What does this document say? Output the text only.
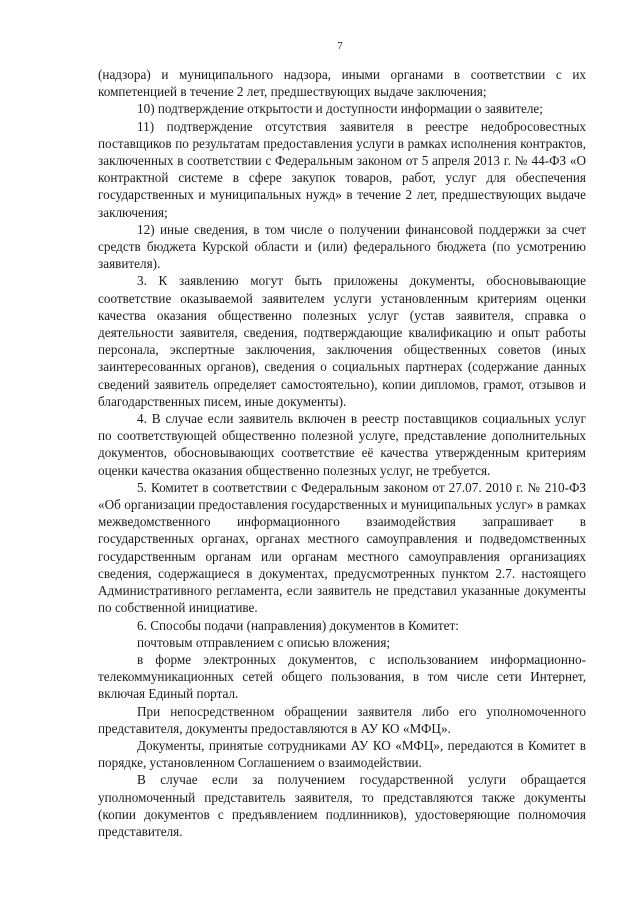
7

(надзора) и муниципального надзора, иными органами в соответствии с их компетенцией в течение 2 лет, предшествующих выдаче заключения;

10) подтверждение открытости и доступности информации о заявителе;

11) подтверждение отсутствия заявителя в реестре недобросовестных поставщиков по результатам предоставления услуги в рамках исполнения контрактов, заключенных в соответствии с Федеральным законом от 5 апреля 2013 г. № 44-ФЗ «О контрактной системе в сфере закупок товаров, работ, услуг для обеспечения государственных и муниципальных нужд» в течение 2 лет, предшествующих выдаче заключения;

12) иные сведения, в том числе о получении финансовой поддержки за счет средств бюджета Курской области и (или) федерального бюджета (по усмотрению заявителя).

3. К заявлению могут быть приложены документы, обосновывающие соответствие оказываемой заявителем услуги установленным критериям оценки качества оказания общественно полезных услуг (устав заявителя, справка о деятельности заявителя, сведения, подтверждающие квалификацию и опыт работы персонала, экспертные заключения, заключения общественных советов (иных заинтересованных органов), сведения о социальных партнерах (содержание данных сведений заявитель определяет самостоятельно), копии дипломов, грамот, отзывов и благодарственных писем, иные документы).

4. В случае если заявитель включен в реестр поставщиков социальных услуг по соответствующей общественно полезной услуге, представление дополнительных документов, обосновывающих соответствие её качества утвержденным критериям оценки качества оказания общественно полезных услуг, не требуется.

5. Комитет в соответствии с Федеральным законом от 27.07. 2010 г. № 210-ФЗ «Об организации предоставления государственных и муниципальных услуг» в рамках межведомственного информационного взаимодействия запрашивает в государственных органах, органах местного самоуправления и подведомственных государственным органам или органам местного самоуправления организациях сведения, содержащиеся в документах, предусмотренных пунктом 2.7. настоящего Административного регламента, если заявитель не представил указанные документы по собственной инициативе.

6. Способы подачи (направления) документов в Комитет:

почтовым отправлением с описью вложения;

в форме электронных документов, с использованием информационно-телекоммуникационных сетей общего пользования, в том числе сети Интернет, включая Единый портал.

При непосредственном обращении заявителя либо его уполномоченного представителя, документы предоставляются в АУ КО «МФЦ».

Документы, принятые сотрудниками АУ КО «МФЦ», передаются в Комитет в порядке, установленном Соглашением о взаимодействии.

В случае если за получением государственной услуги обращается уполномоченный представитель заявителя, то представляются также документы (копии документов с предъявлением подлинников), удостоверяющие полномочия представителя.
